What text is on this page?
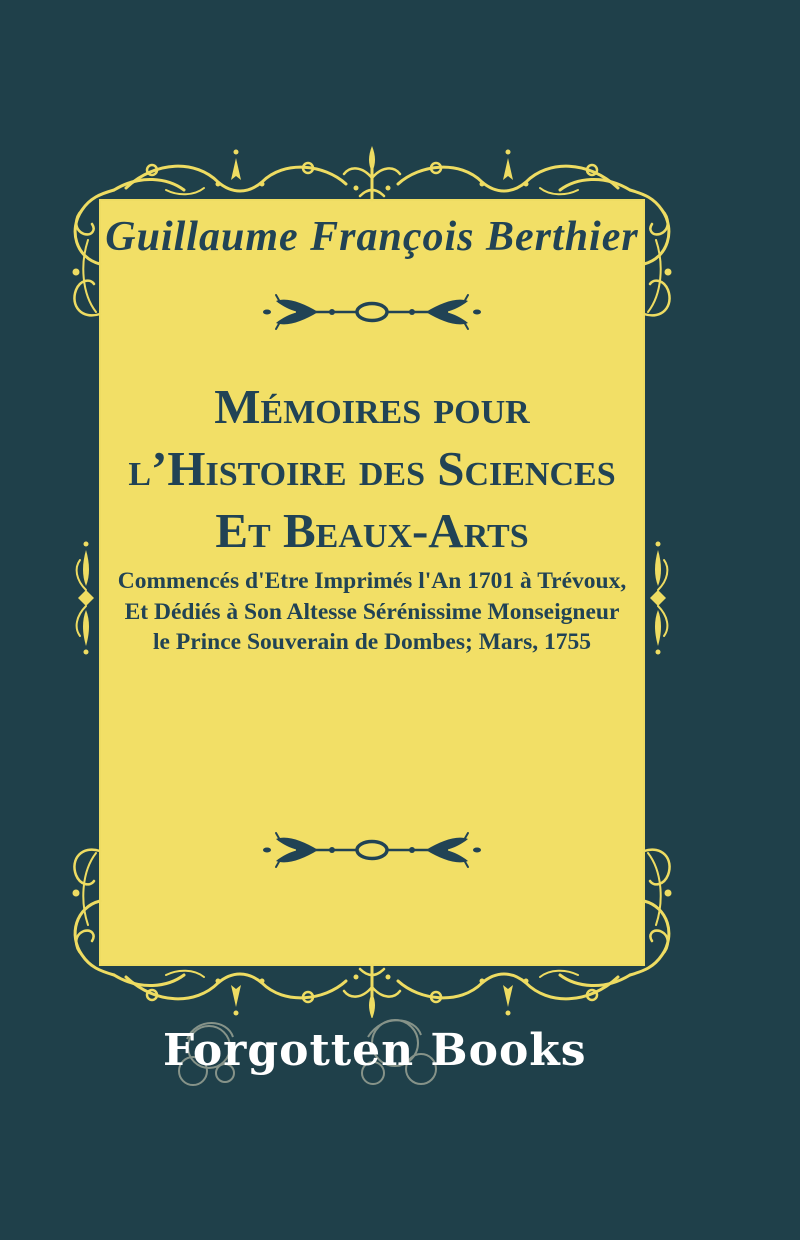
Guillaume François Berthier
Mémoires pour
l’Histoire des Sciences
Et Beaux-Arts
Commencés d'Etre Imprimés l'An 1701 à Trévoux,
Et Dédiés à Son Altesse Sérénissime Monseigneur
le Prince Souverain de Dombes; Mars, 1755
Forgotten Books
